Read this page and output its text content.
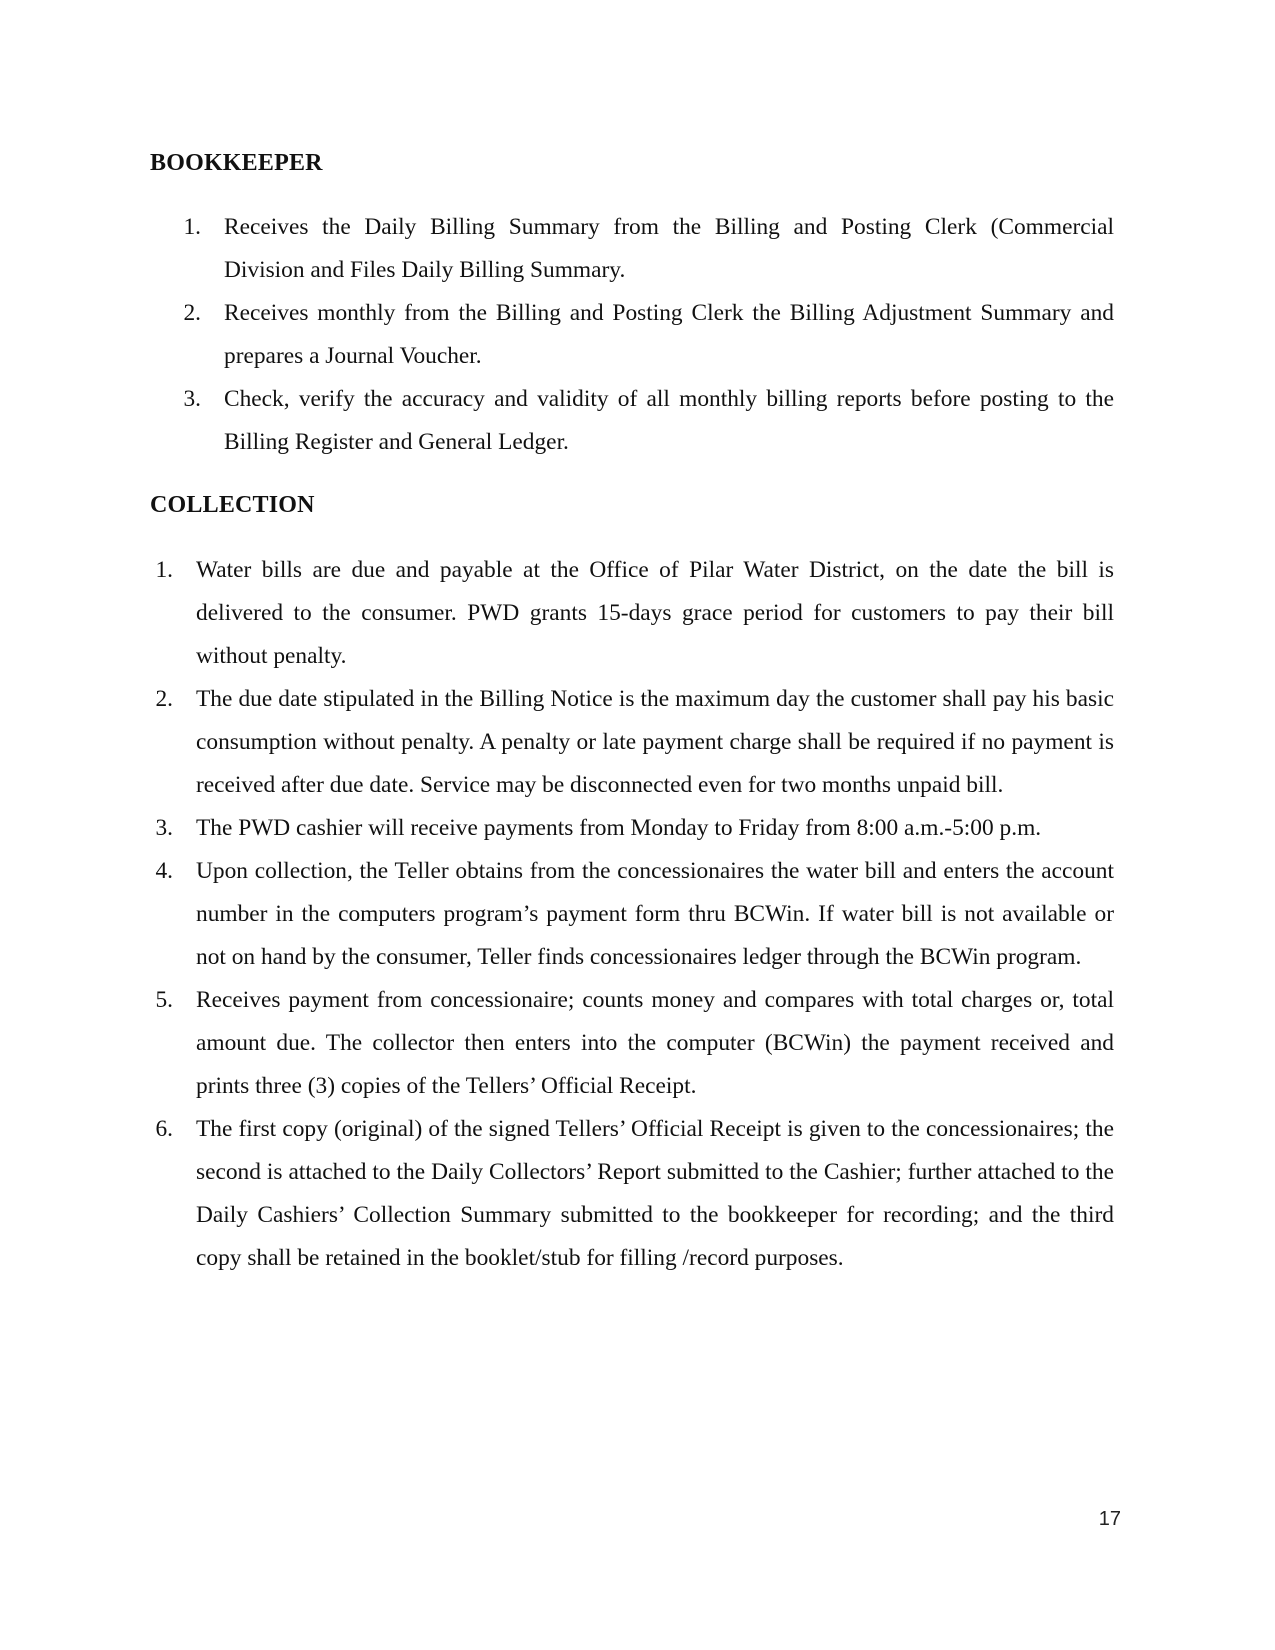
BOOKKEEPER
1. Receives the Daily Billing Summary from the Billing and Posting Clerk (Commercial Division and Files Daily Billing Summary.
2. Receives monthly from the Billing and Posting Clerk the Billing Adjustment Summary and prepares a Journal Voucher.
3. Check, verify the accuracy and validity of all monthly billing reports before posting to the Billing Register and General Ledger.
COLLECTION
1. Water bills are due and payable at the Office of Pilar Water District, on the date the bill is delivered to the consumer. PWD grants 15-days grace period for customers to pay their bill without penalty.
2. The due date stipulated in the Billing Notice is the maximum day the customer shall pay his basic consumption without penalty. A penalty or late payment charge shall be required if no payment is received after due date. Service may be disconnected even for two months unpaid bill.
3. The PWD cashier will receive payments from Monday to Friday from 8:00 a.m.-5:00 p.m.
4. Upon collection, the Teller obtains from the concessionaires the water bill and enters the account number in the computers program’s payment form thru BCWin. If water bill is not available or not on hand by the consumer, Teller finds concessionaires ledger through the BCWin program.
5. Receives payment from concessionaire; counts money and compares with total charges or, total amount due. The collector then enters into the computer (BCWin) the payment received and prints three (3) copies of the Tellers’ Official Receipt.
6. The first copy (original) of the signed Tellers’ Official Receipt is given to the concessionaires; the second is attached to the Daily Collectors’ Report submitted to the Cashier; further attached to the Daily Cashiers’ Collection Summary submitted to the bookkeeper for recording; and the third copy shall be retained in the booklet/stub for filling /record purposes.
17
